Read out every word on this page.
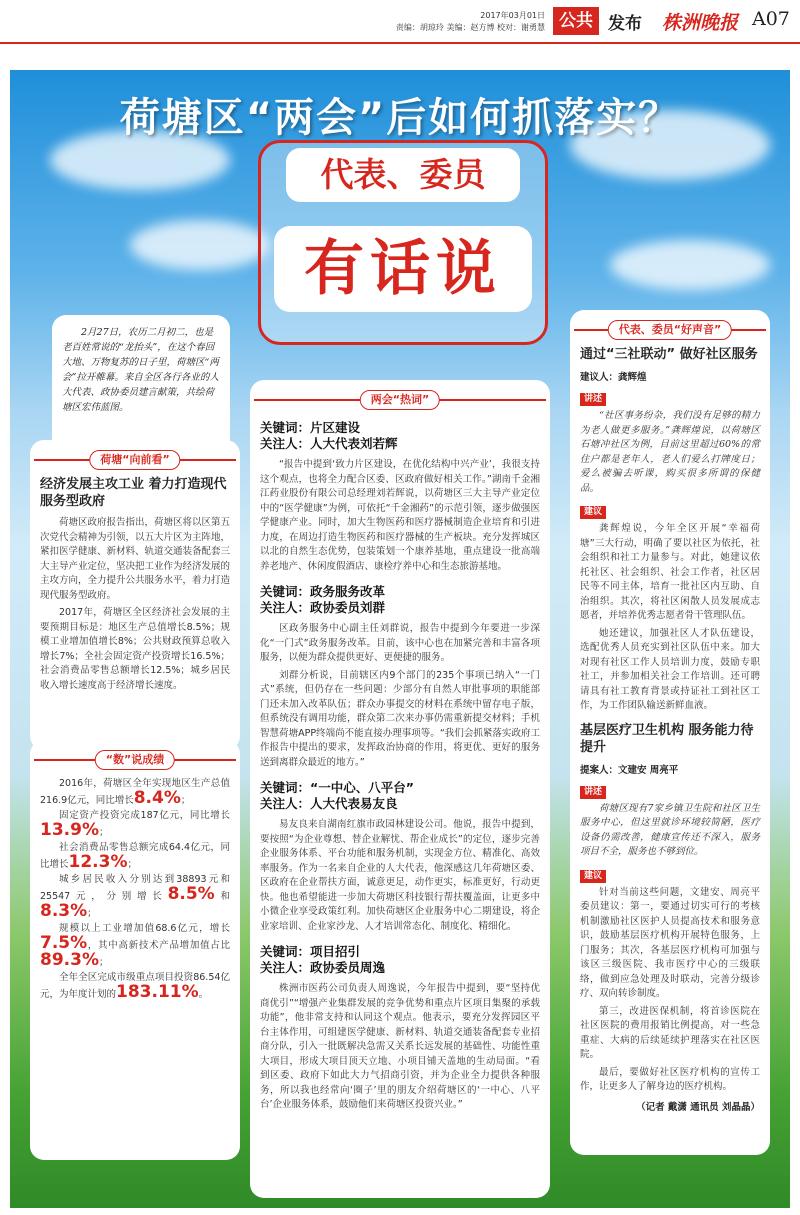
2017年03月01日
责编：胡琼玲 美编：赵方博 校对：谢勇慧 公共 发布 株洲晚报 A07
荷塘区“两会”后如何抓落实？
代表、委员
有话说

2月27日，农历二月初二，也是老百姓常说的“龙抬头”，在这个春回大地、万物复苏的日子里，荷塘区“两会”拉开帷幕。来自全区各行各业的人大代表、政协委员建言献策，共绘荷塘区宏伟蓝图。

荷塘“向前看”
经济发展主攻工业 着力打造现代服务型政府

荷塘区政府报告指出，荷塘区将以区第五次党代会精神为引领，以五大片区为主阵地，紧扣医学健康、新材料、轨道交通装备配套三大主导产业定位，坚决把工业作为经济发展的主攻方向，全力提升公共服务水平，着力打造现代服务型政府。

2017年，荷塘区全区经济社会发展的主要预期目标是：地区生产总值增长8.5%；规模工业增加值增长8%；公共财政预算总收入增长7%；全社会固定资产投资增长16.5%；社会消费品零售总额增长12.5%；城乡居民收入增长速度高于经济增长速度。

“数”说成绩

2016年，荷塘区全年实现地区生产总值216.9亿元，同比增长8.4%；

固定资产投资完成187亿元，同比增长13.9%；

社会消费品零售总额完成64.4亿元，同比增长12.3%；

城乡居民收入分别达到38893元和25547元，分别增长8.5%和8.3%；

规模以上工业增加值68.6亿元，增长7.5%，其中高新技术产品增加值占比89.3%；

全年全区完成市级重点项目投资86.54亿元，为年度计划的183.11%。

两会“热词”
关键词：片区建设
关注人：人大代表刘若辉

“报告中提到‘致力片区建设，在优化结构中兴产业’，我很支持这个观点，也将全力配合区委、区政府做好相关工作。”湖南千金湘江药业股份有限公司总经理刘若辉说，以荷塘区三大主导产业定位中的“医学健康”为例，可依托“千金湘药”的示范引领，逐步做强医学健康产业。同时，加大生物医药和医疗器械制造企业培育和引进力度，在周边打造生物医药和医疗器械的生产板块。充分发挥城区以北的自然生态优势，包装策划一个康养基地，重点建设一批高端养老地产、休闲度假酒店、康检疗养中心和生态旅游基地。

关键词：政务服务改革
关注人：政协委员刘群

区政务服务中心副主任刘群说，报告中提到今年要进一步深化“一门式”政务服务改革。目前，该中心也在加紧完善和丰富各项服务，以便为群众提供更好、更便捷的服务。

刘群分析说，目前辖区内9个部门的235个事项已纳入“一门式”系统，但仍存在一些问题：少部分有自然人审批事项的职能部门还未加入改革队伍；群众办事提交的材料在系统中留存电子版，但系统没有调用功能，群众第二次来办事仍需重新提交材料；手机智慧荷塘APP终端尚不能直接办理事项等。“我们会抓紧落实政府工作报告中提出的要求，发挥政治协商的作用，将更优、更好的服务送到离群众最近的地方。”

关键词：“一中心、八平台”
关注人：人大代表易友良

易友良来自湖南红旗市政园林建设公司。他说，报告中提到，要按照“为企业尊想、替企业解忧、帮企业成长”的定位，逐步完善企业服务体系、平台功能和服务机制，实现金方位、精准化、高效率服务。作为一名来自企业的人大代表，他深感这几年荷塘区委、区政府在企业帮扶方面，诚意更足，动作更实，标准更好，行动更快。他也希望能进一步加大荷塘区科技银行帮扶覆盖面，让更多中小微企业享受政策红利。加快荷塘区企业服务中心二期建设，将企业家培训、企业家沙龙、人才培训常态化、制度化、精细化。

关键词：项目招引
关注人：政协委员周逸

株洲市医药公司负责人周逸说，今年报告中提到，要“坚持优商优引”“增强产业集群发展的竞争优势和重点片区项目集聚的承载功能”，他非常支持和认同这个观点。他表示，要充分发挥园区平台主体作用，可组建医学健康、新材料、轨道交通装备配套专业招商分队，引入一批既解决急需又关系长远发展的基础性、功能性重大项目，形成大项目顶天立地、小项目铺天盖地的生动局面。“看到区委、政府下如此大力气招商引资，并为企业全力提供各种服务，所以我也经常向‘圈子’里的朋友介绍荷塘区的‘一中心、八平台’企业服务体系，鼓励他们来荷塘区投资兴业。”

代表、委员“好声音”
通过“三社联动” 做好社区服务
建议人：龚辉煌
讲述

“社区事务纷杂，我们没有足够的精力为老人做更多服务。”龚辉煌说，以荷塘区石塘冲社区为例，目前这里超过60%的常住户都是老年人，老人们爱么打牌度日；爱么被骗去听课，购买很多所谓的保健品。

建议

龚辉煌说，今年全区开展“幸福荷塘”三大行动，明确了要以社区为依托，社会组织和社工力量参与。对此，她建议依托社区、社会组织、社会工作者，社区居民等不同主体，培育一批社区内互助、自治组织。其次，将社区闲散人员发展成志愿者，并培养优秀志愿者骨干管理队伍。

她还建议，加强社区人才队伍建设，选配优秀人员充实到社区队伍中来。加大对现有社区工作人员培训力度，鼓励专职社工，并参加相关社会工作培训。还可聘请具有社工教育背景或持证社工到社区工作，为工作团队输送新鲜血液。

基层医疗卫生机构 服务能力待提升
提案人：文建安 周亮平
讲述

荷塘区现有7家乡镇卫生院和社区卫生服务中心，但这里就诊环境较简陋，医疗设备仍需改善，健康宣传还不深入，服务项目不全，服务也不够到位。

建议

针对当前这些问题，文建安、周亮平委员建议：第一，要通过切实可行的考核机制激励社区医护人员提高技术和服务意识，鼓励基层医疗机构开展特色服务，上门服务；其次，各基层医疗机构可加强与该区三级医院、我市医疗中心的三级联络，做到应急处理及时联动，完善分级诊疗、双向转诊制度。

第三，改进医保机制，将首诊医院在社区医院的费用报销比例提高，对一些急重症、大病的后续延续护理落实在社区医院。

最后，要做好社区医疗机构的宣传工作，让更多人了解身边的医疗机构。

（记者 戴潇 通讯员 刘晶晶）
